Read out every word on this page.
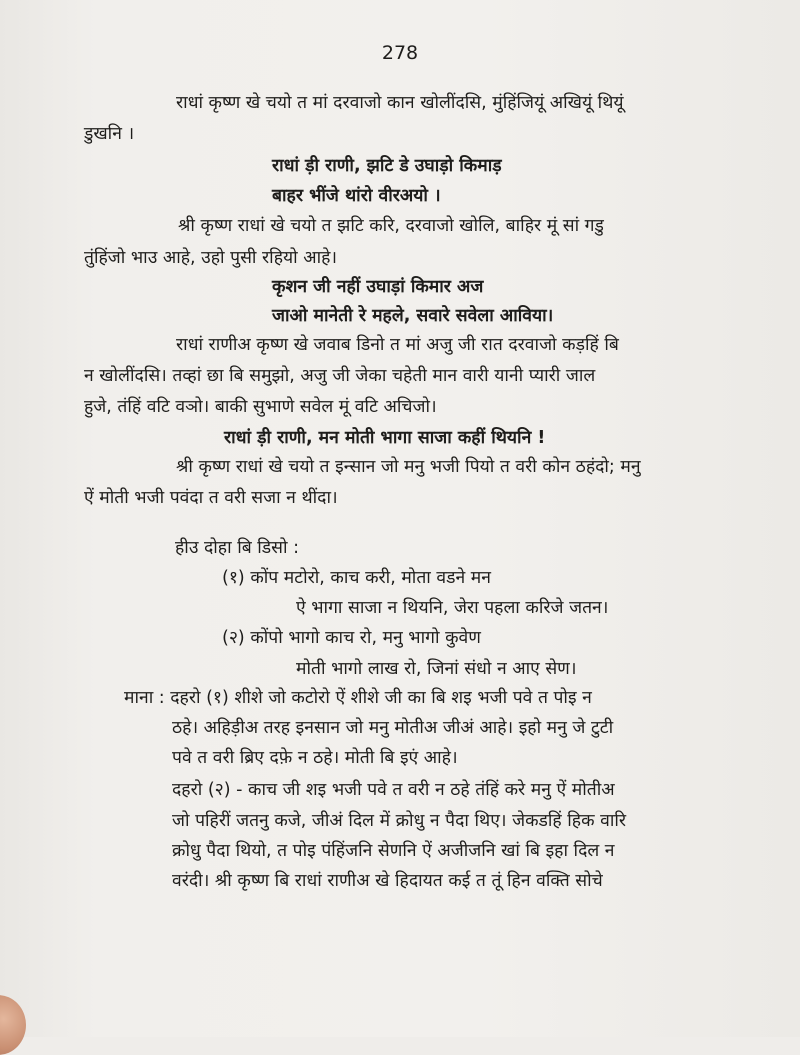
278
राधां कृष्ण खे चयो त मां दरवाजो कान खोलींदसि, मुंहिंजियूं अखियूं थियूं
डुखनि ।
राधां ड़ी राणी, झटि डे उघाड़ो किमाड़
बाहर भींजे थांरो वीरअयो ।
श्री कृष्ण राधां खे चयो त झटि करि, दरवाजो खोलि, बाहिर मूं सां गडु
तुंहिंजो भाउ आहे, उहो पुसी रहियो आहे।
कृशन जी नहीं उघाड़ां किमार अज
जाओ मानेती रे महले, सवारे सवेला आविया।
राधां राणीअ कृष्ण खे जवाब डिनो त मां अजु जी रात दरवाजो कड़हिं बि
न खोलींदसि। तव्हां छा बि समुझो, अजु जी जेका चहेती मान वारी यानी प्यारी जाल
हुजे, तंहिं वटि वञो। बाकी सुभाणे सवेल मूं वटि अचिजो।
राधां ड़ी राणी, मन मोती भागा साजा कहीं थियनि !
श्री कृष्ण राधां खे चयो त इन्सान जो मनु भजी पियो त वरी कोन ठहंदो; मनु
ऐं मोती भजी पवंदा त वरी सजा न थींदा।
हीउ दोहा बि डिसो :
(१) कोंप मटोरो, काच करी, मोता वडने मन
ऐ भागा साजा न थियनि, जेरा पहला करिजे जतन।
(२) कोंपो भागो काच रो, मनु भागो कुवेण
मोती भागो लाख रो, जिनां संधो न आए सेण।
माना : दहरो (१) शीशे जो कटोरो ऐं शीशे जी का बि शइ भजी पवे त पोइ न
ठहे। अहिड़ीअ तरह इनसान जो मनु मोतीअ जीअं आहे। इहो मनु जे टुटी
पवे त वरी ब्रिए दफ़े न ठहे। मोती बि इएं आहे।
दहरो (२) - काच जी शइ भजी पवे त वरी न ठहे तंहिं करे मनु ऐं मोतीअ
जो पहिरीं जतनु कजे, जीअं दिल में क्रोधु न पैदा थिए। जेकडहिं हिक वारि
क्रोधु पैदा थियो, त पोइ पंहिंजनि सेणनि ऐं अजीजनि खां बि इहा दिल न
वरंदी। श्री कृष्ण बि राधां राणीअ खे हिदायत कई त तूं हिन वक्ति सोचे
